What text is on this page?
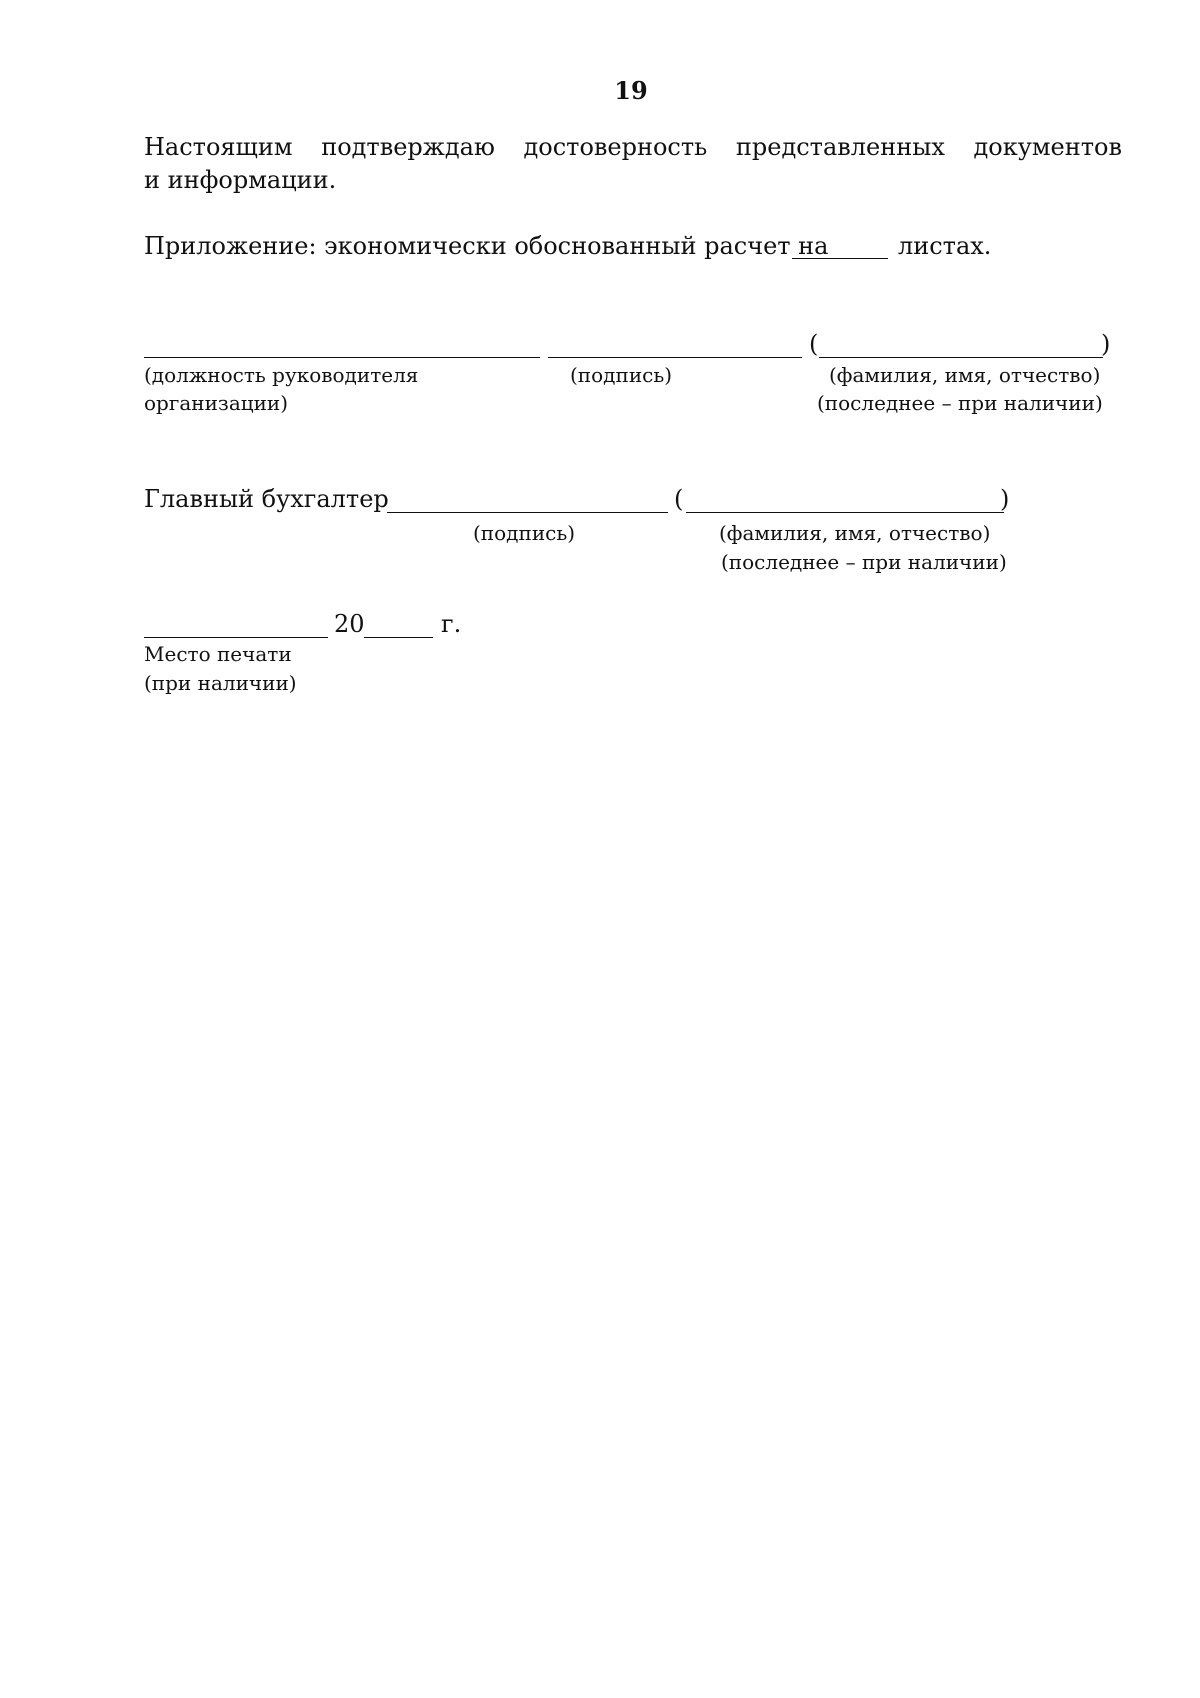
19
Настоящим подтверждаю достоверность представленных документов
и информации.
Приложение: экономически обоснованный расчет на	листах.
(	)
(должность руководителя
организации)
(подпись)	(фамилия, имя, отчество)
(последнее – при наличии)
Главный бухгалтер	(	)
(подпись)	(фамилия, имя, отчество)
(последнее – при наличии)
20	г.
Место печати
(при наличии)
